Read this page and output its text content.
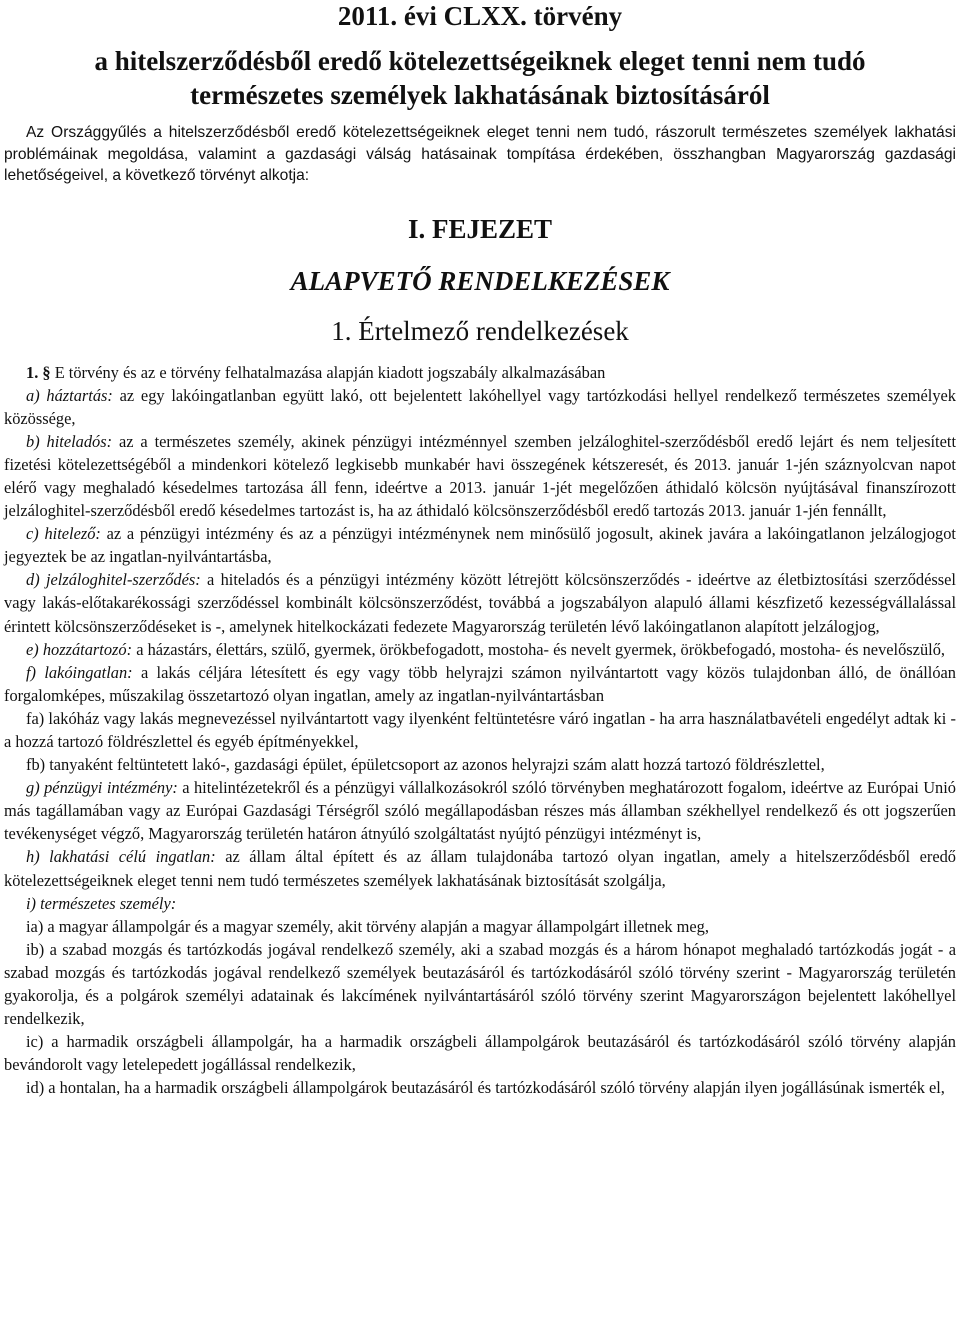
2011. évi CLXX. törvény
a hitelszerződésből eredő kötelezettségeiknek eleget tenni nem tudó
természetes személyek lakhatásának biztosításáról

Az Országgyűlés a hitelszerződésből eredő kötelezettségeiknek eleget tenni nem tudó, rászorult természetes személyek lakhatási problémáinak megoldása, valamint a gazdasági válság hatásainak tompítása érdekében, összhangban Magyarország gazdasági lehetőségeivel, a következő törvényt alkotja:

I. FEJEZET
ALAPVETŐ RENDELKEZÉSEK
1. Értelmező rendelkezések

1. § E törvény és az e törvény felhatalmazása alapján kiadott jogszabály alkalmazásában

a) háztartás: az egy lakóingatlanban együtt lakó, ott bejelentett lakóhellyel vagy tartózkodási hellyel rendelkező természetes személyek közössége,

b) hiteladós: az a természetes személy, akinek pénzügyi intézménnyel szemben jelzáloghitel-szerződésből eredő lejárt és nem teljesített fizetési kötelezettségéből a mindenkori kötelező legkisebb munkabér havi összegének kétszeresét, és 2013. január 1-jén száznyolcvan napot elérő vagy meghaladó késedelmes tartozása áll fenn, ideértve a 2013. január 1-jét megelőzően áthidaló kölcsön nyújtásával finanszírozott jelzáloghitel-szerződésből eredő késedelmes tartozást is, ha az áthidaló kölcsönszerződésből eredő tartozás 2013. január 1-jén fennállt,

c) hitelező: az a pénzügyi intézmény és az a pénzügyi intézménynek nem minősülő jogosult, akinek javára a lakóingatlanon jelzálogjogot jegyeztek be az ingatlan-nyilvántartásba,

d) jelzáloghitel-szerződés: a hiteladós és a pénzügyi intézmény között létrejött kölcsönszerződés - ideértve az életbiztosítási szerződéssel vagy lakás-előtakarékossági szerződéssel kombinált kölcsönszerződést, továbbá a jogszabályon alapuló állami készfizető kezességvállalással érintett kölcsönszerződéseket is -, amelynek hitelkockázati fedezete Magyarország területén lévő lakóingatlanon alapított jelzálogjog,

e) hozzátartozó: a házastárs, élettárs, szülő, gyermek, örökbefogadott, mostoha- és nevelt gyermek, örökbefogadó, mostoha- és nevelőszülő,

f) lakóingatlan: a lakás céljára létesített és egy vagy több helyrajzi számon nyilvántartott vagy közös tulajdonban álló, de önállóan forgalomképes, műszakilag összetartozó olyan ingatlan, amely az ingatlan-nyilvántartásban

fa) lakóház vagy lakás megnevezéssel nyilvántartott vagy ilyenként feltüntetésre váró ingatlan - ha arra használatbavételi engedélyt adtak ki - a hozzá tartozó földrészlettel és egyéb építményekkel,

fb) tanyaként feltüntetett lakó-, gazdasági épület, épületcsoport az azonos helyrajzi szám alatt hozzá tartozó földrészlettel,

g) pénzügyi intézmény: a hitelintézetekről és a pénzügyi vállalkozásokról szóló törvényben meghatározott fogalom, ideértve az Európai Unió más tagállamában vagy az Európai Gazdasági Térségről szóló megállapodásban részes más államban székhellyel rendelkező és ott jogszerűen tevékenységet végző, Magyarország területén határon átnyúló szolgáltatást nyújtó pénzügyi intézményt is,

h) lakhatási célú ingatlan: az állam által épített és az állam tulajdonába tartozó olyan ingatlan, amely a hitelszerződésből eredő kötelezettségeiknek eleget tenni nem tudó természetes személyek lakhatásának biztosítását szolgálja,

i) természetes személy:

ia) a magyar állampolgár és a magyar személy, akit törvény alapján a magyar állampolgárt illetnek meg,

ib) a szabad mozgás és tartózkodás jogával rendelkező személy, aki a szabad mozgás és a három hónapot meghaladó tartózkodás jogát - a szabad mozgás és tartózkodás jogával rendelkező személyek beutazásáról és tartózkodásáról szóló törvény szerint - Magyarország területén gyakorolja, és a polgárok személyi adatainak és lakcímének nyilvántartásáról szóló törvény szerint Magyarországon bejelentett lakóhellyel rendelkezik,

ic) a harmadik országbeli állampolgár, ha a harmadik országbeli állampolgárok beutazásáról és tartózkodásáról szóló törvény alapján bevándorolt vagy letelepedett jogállással rendelkezik,

id) a hontalan, ha a harmadik országbeli állampolgárok beutazásáról és tartózkodásáról szóló törvény alapján ilyen jogállásúnak ismerték el,
